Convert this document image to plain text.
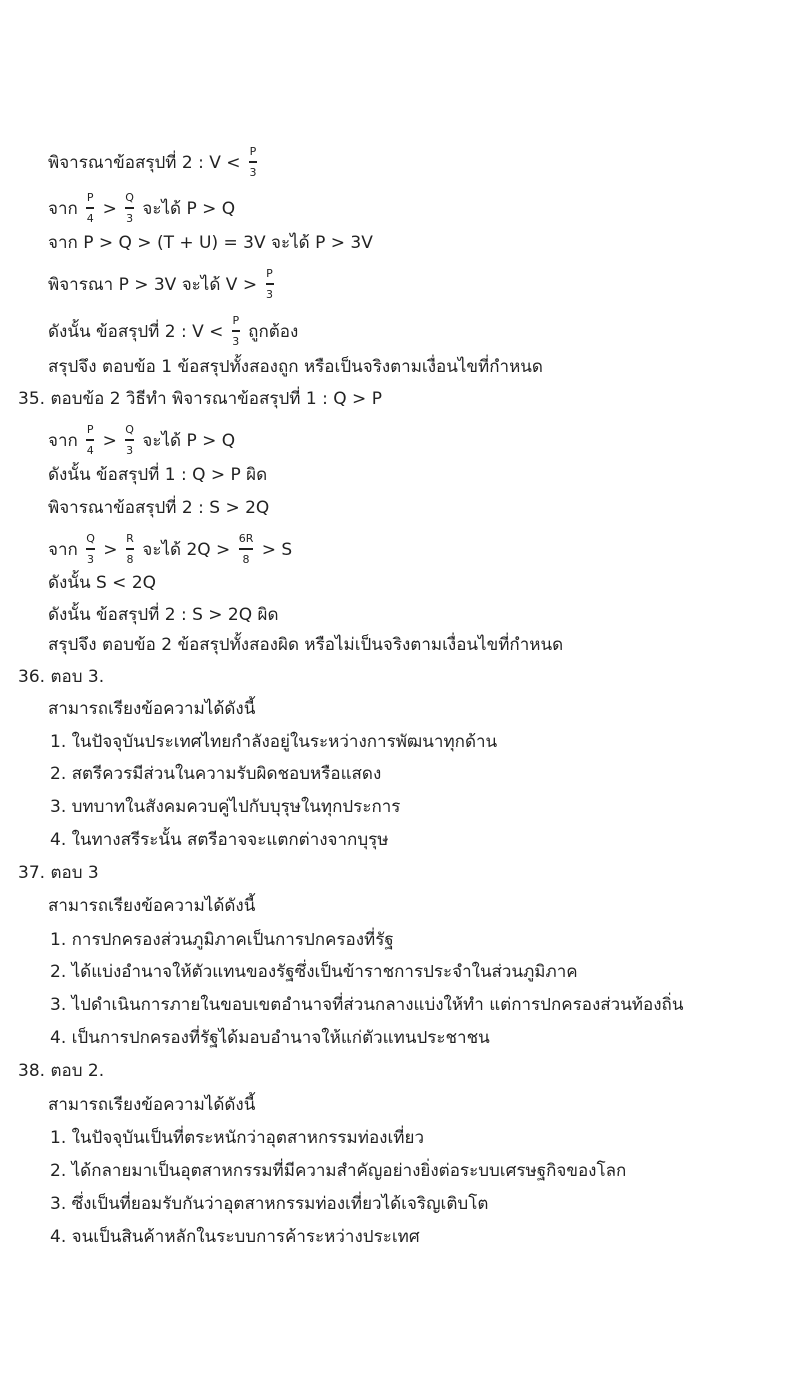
พิจารณาข้อสรุปที่ 2 : $V < \frac{P}{3}$
จาก $\frac{P}{4} > \frac{Q}{3}$ จะได้ P > Q
จาก P > Q > (T + U) = 3V จะได้ P > 3V
พิจารณา P > 3V จะได้ $V > \frac{P}{3}$
ดังนั้น ข้อสรุปที่ 2 : $V < \frac{P}{3}$ ถูกต้อง
สรุปจึง ตอบข้อ 1 ข้อสรุปทั้งสองถูก หรือเป็นจริงตามเงื่อนไขที่กำหนด
35. ตอบข้อ 2 วิธีทำ พิจารณาข้อสรุปที่ 1 : Q > P
จาก $\frac{P}{4} > \frac{Q}{3}$ จะได้ P > Q
ดังนั้น ข้อสรุปที่ 1 : Q > P ผิด
พิจารณาข้อสรุปที่ 2 : S > 2Q
จาก $\frac{Q}{3} > \frac{R}{8}$ จะได้ $2Q > \frac{6R}{8} > S$
ดังนั้น S < 2Q
ดังนั้น ข้อสรุปที่ 2 : S > 2Q ผิด
สรุปจึง ตอบข้อ 2 ข้อสรุปทั้งสองผิด หรือไม่เป็นจริงตามเงื่อนไขที่กำหนด
36. ตอบ 3.
สามารถเรียงข้อความได้ดังนี้
1. ในปัจจุบันประเทศไทยกำลังอยู่ในระหว่างการพัฒนาทุกด้าน
2. สตรีควรมีส่วนในความรับผิดชอบหรือแสดง
3. บทบาทในสังคมควบคู่ไปกับบุรุษในทุกประการ
4. ในทางสรีระนั้น สตรีอาจจะแตกต่างจากบุรุษ
37. ตอบ 3
สามารถเรียงข้อความได้ดังนี้
1. การปกครองส่วนภูมิภาคเป็นการปกครองที่รัฐ
2. ได้แบ่งอำนาจให้ตัวแทนของรัฐซึ่งเป็นข้าราชการประจำในส่วนภูมิภาค
3. ไปดำเนินการภายในขอบเขตอำนาจที่ส่วนกลางแบ่งให้ทำ แต่การปกครองส่วนท้องถิ่น
4. เป็นการปกครองที่รัฐได้มอบอำนาจให้แก่ตัวแทนประชาชน
38. ตอบ 2.
สามารถเรียงข้อความได้ดังนี้
1. ในปัจจุบันเป็นที่ตระหนักว่าอุตสาหกรรมท่องเที่ยว
2. ได้กลายมาเป็นอุตสาหกรรมที่มีความสำคัญอย่างยิ่งต่อระบบเศรษฐกิจของโลก
3. ซึ่งเป็นที่ยอมรับกันว่าอุตสาหกรรมท่องเที่ยวได้เจริญเติบโต
4. จนเป็นสินค้าหลักในระบบการค้าระหว่างประเทศ
